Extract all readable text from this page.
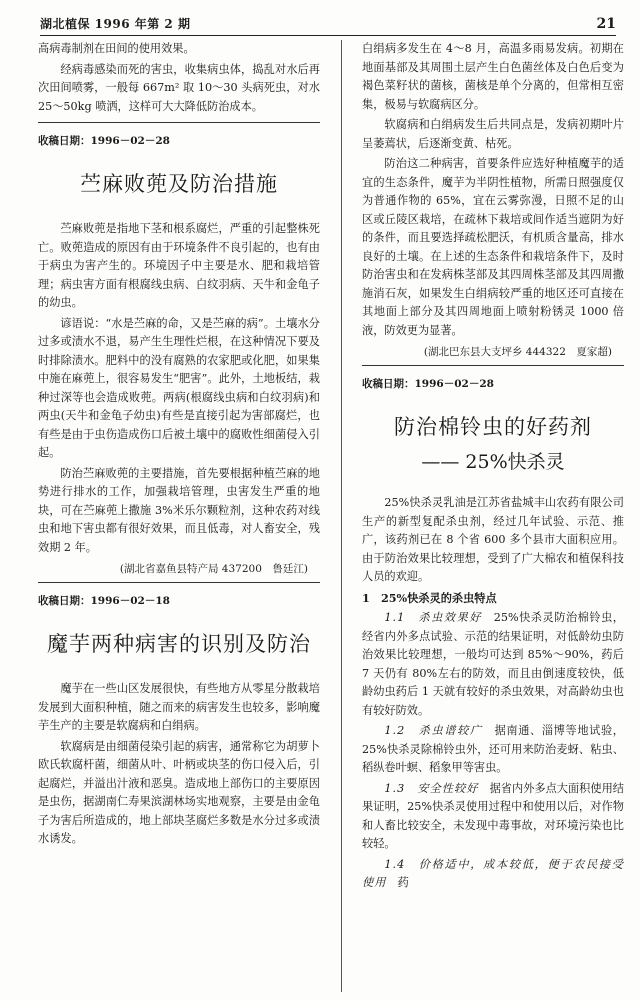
湖北植保 1996 年第 2 期	21

高病毒制剂在田间的使用效果。

经病毒感染而死的害虫，收集病虫体，捣乱对水后再次田间喷雾，一般每 667m² 取 10～30 头病死虫，对水 25～50kg 喷洒，这样可大大降低防治成本。

收稿日期：1996－02－28
苎麻败蔸及防治措施

苎麻败蔸是指地下茎和根系腐烂，严重的引起整株死亡。败蔸造成的原因有由于环境条件不良引起的，也有由于病虫为害产生的。环境因子中主要是水、肥和栽培管理；病虫害方面有根腐线虫病、白纹羽病、天牛和金龟子的幼虫。

谚语说：“水是苎麻的命，又是苎麻的病”。土壤水分过多或渍水不退，易产生生理性烂根，在这种情况下要及时排除渍水。肥料中的没有腐熟的农家肥或化肥，如果集中施在麻蔸上，很容易发生“肥害”。此外，土地板结，栽种过深等也会造成败蔸。两病(根腐线虫病和白纹羽病)和两虫(天牛和金龟子幼虫)有些是直接引起为害部腐烂，也有些是由于虫伤造成伤口后被土壤中的腐败性细菌侵入引起。

防治苎麻败蔸的主要措施，首先要根据种植苎麻的地势进行排水的工作，加强栽培管理，虫害发生严重的地块，可在苎麻蔸上撒施 3%米乐尔颗粒剂，这种农药对线虫和地下害虫都有很好效果，而且低毒，对人畜安全，残效期 2 年。

(湖北省嘉鱼县特产局 437200　鲁廷江)
收稿日期：1996－02－18
魔芋两种病害的识别及防治

魔芋在一些山区发展很快，有些地方从零星分散栽培发展到大面积种植，随之而来的病害发生也较多，影响魔芋生产的主要是软腐病和白绢病。

软腐病是由细菌侵染引起的病害，通常称它为胡萝卜欧氏软腐杆菌，细菌从叶、叶柄或块茎的伤口侵入后，引起腐烂，并溢出汁液和恶臭。造成地上部伤口的主要原因是虫伤，据湖南仁寿果滨湖林场实地观察，主要是由金龟子为害后所造成的，地上部块茎腐烂多数是水分过多或渍水诱发。

白绢病多发生在 4～8 月，高温多雨易发病。初期在地面基部及其周围土层产生白色菌丝体及白色后变为褐色菜籽状的菌核，菌核是单个分离的，但常相互密集，极易与软腐病区分。

软腐病和白绢病发生后共同点是，发病初期叶片呈萎蔫状，后逐渐变黄、枯死。

防治这二种病害，首要条件应选好种植魔芋的适宜的生态条件，魔芋为半阴性植物，所需日照强度仅为普通作物的 65%，宜在云雾弥漫，日照不足的山区或丘陵区栽培，在疏林下栽培或间作适当遮阴为好的条件，而且要选择疏松肥沃，有机质含量高，排水良好的土壤。在上述的生态条件和栽培条件下，及时防治害虫和在发病株茎部及其四周株茎部及其四周撒施消石灰，如果发生白绢病较严重的地区还可直接在其地面上部分及其四周地面上喷射粉锈灵 1000 倍液，防效更为显著。

(湖北巴东县大支坪乡 444322　夏家超)
收稿日期：1996－02－28
防治棉铃虫的好药剂
—— 25%快杀灵

25%快杀灵乳油是江苏省盐城丰山农药有限公司生产的新型复配杀虫剂，经过几年试验、示范、推广，该药剂已在 8 个省 600 多个县市大面积应用。由于防治效果比较理想，受到了广大棉农和植保科技人员的欢迎。

1　25%快杀灵的杀虫特点

1.1　杀虫效果好　 25%快杀灵防治棉铃虫，经省内外多点试验、示范的结果证明，对低龄幼虫防治效果比较理想，一般均可达到 85%～90%，药后 7 天仍有 80%左右的防效，而且由倒速度较快，低龄幼虫药后 1 天就有较好的杀虫效果，对高龄幼虫也有较好防效。

1.2　杀虫谱较广　 据南通、淄博等地试验，25%快杀灵除棉铃虫外，还可用来防治麦蚜、粘虫、稻纵卷叶螟、稻象甲等害虫。

1.3　安全性较好　 据省内外多点大面积使用结果证明，25%快杀灵使用过程中和使用以后，对作物和人畜比较安全，未发现中毒事故，对环境污染也比较轻。

1.4　价格适中，成本较低，便于农民接受使用　 药
